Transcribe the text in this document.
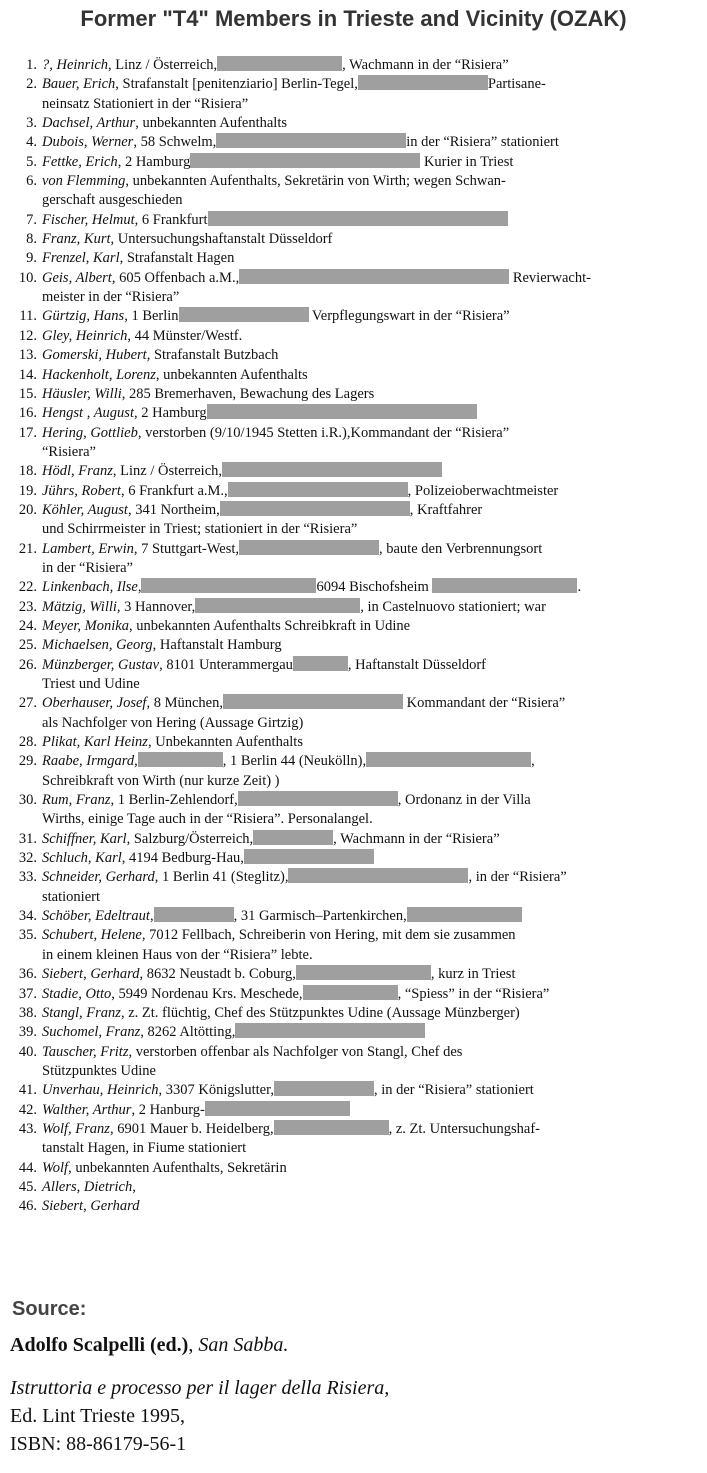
Former "T4" Members in Trieste and Vicinity (OZAK)
1. ?, Heinrich, Linz / Österreich,	, Wachmann in der “Risiera”
2. Bauer, Erich, Strafanstalt [penitenziario] Berlin-Tegel,	Partisane-
neinsatz Stationiert in der “Risiera”
3. Dachsel, Arthur, unbekannten Aufenthalts
4. Dubois, Werner, 58 Schwelm,	in der “Risiera” stationiert
5. Fettke, Erich, 2 Hamburg	Kurier in Triest
6. von Flemming, unbekannten Aufenthalts, Sekretärin von Wirth; wegen Schwan-
gerschaft ausgeschieden
7. Fischer, Helmut, 6 Frankfurt
8. Franz, Kurt, Untersuchungshaftanstalt Düsseldorf
9. Frenzel, Karl, Strafanstalt Hagen
10. Geis, Albert, 605 Offenbach a.M.,	Revierwacht-
meister in der “Risiera”
11. Gürtzig, Hans, 1 Berlin	Verpflegungswart in der “Risiera”
12. Gley, Heinrich, 44 Münster/Westf.
13. Gomerski, Hubert, Strafanstalt Butzbach
14. Hackenholt, Lorenz, unbekannten Aufenthalts
15. Häusler, Willi, 285 Bremerhaven, Bewachung des Lagers
16. Hengst , August, 2 Hamburg
17. Hering, Gottlieb, verstorben (9/10/1945 Stetten i.R.),Kommandant der “Risiera”
“Risiera”
18. Hödl, Franz, Linz / Österreich,
19. Jührs, Robert, 6 Frankfurt a.M.,	, Polizeioberwachtmeister
20. Köhler, August, 341 Northeim,	, Kraftfahrer
und Schirrmeister in Triest; stationiert in der “Risiera”
21. Lambert, Erwin, 7 Stuttgart-West,	, baute den Verbrennungsort
in der “Risiera”
22. Linkenbach, Ilse,	6094 Bischofsheim	.
23. Mätzig, Willi, 3 Hannover,	, in Castelnuovo stationiert; war
24. Meyer, Monika, unbekannten Aufenthalts Schreibkraft in Udine
25. Michaelsen, Georg, Haftanstalt Hamburg
26. Münzberger, Gustav, 8101 Unterammergau	, Haftanstalt Düsseldorf
Triest und Udine
27. Oberhauser, Josef, 8 München,	Kommandant der “Risiera”
als Nachfolger von Hering (Aussage Girtzig)
28. Plikat, Karl Heinz, Unbekannten Aufenthalts
29. Raabe, Irmgard,	, 1 Berlin 44 (Neukölln),	,
Schreibkraft von Wirth (nur kurze Zeit) )
30. Rum, Franz, 1 Berlin-Zehlendorf,	, Ordonanz in der Villa
Wirths, einige Tage auch in der “Risiera”. Personalangel.
31. Schiffner, Karl, Salzburg/Österreich,	, Wachmann in der “Risiera”
32. Schluch, Karl, 4194 Bedburg-Hau,
33. Schneider, Gerhard, 1 Berlin 41 (Steglitz),	, in der “Risiera”
stationiert
34. Schöber, Edeltraut,	, 31 Garmisch–Partenkirchen,
35. Schubert, Helene, 7012 Fellbach, Schreiberin von Hering, mit dem sie zusammen
in einem kleinen Haus von der “Risiera” lebte.
36. Siebert, Gerhard, 8632 Neustadt b. Coburg,	, kurz in Triest
37. Stadie, Otto, 5949 Nordenau Krs. Meschede,	, “Spiess” in der “Risiera”
38. Stangl, Franz, z. Zt. flüchtig, Chef des Stützpunktes Udine (Aussage Münzberger)
39. Suchomel, Franz, 8262 Altötting,
40. Tauscher, Fritz, verstorben offenbar als Nachfolger von Stangl, Chef des
Stützpunktes Udine
41. Unverhau, Heinrich, 3307 Königslutter,	, in der “Risiera” stationiert
42. Walther, Arthur, 2 Hanburg-
43. Wolf, Franz, 6901 Mauer b. Heidelberg,	, z. Zt. Untersuchungshaf-
tanstalt Hagen, in Fiume stationiert
44. Wolf, unbekannten Aufenthalts, Sekretärin
45. Allers, Dietrich,
46. Siebert, Gerhard

Source:

Adolfo Scalpelli (ed.), San Sabba.

Istruttoria e processo per il lager della Risiera,

Ed. Lint Trieste 1995,

ISBN: 88-86179-56-1
